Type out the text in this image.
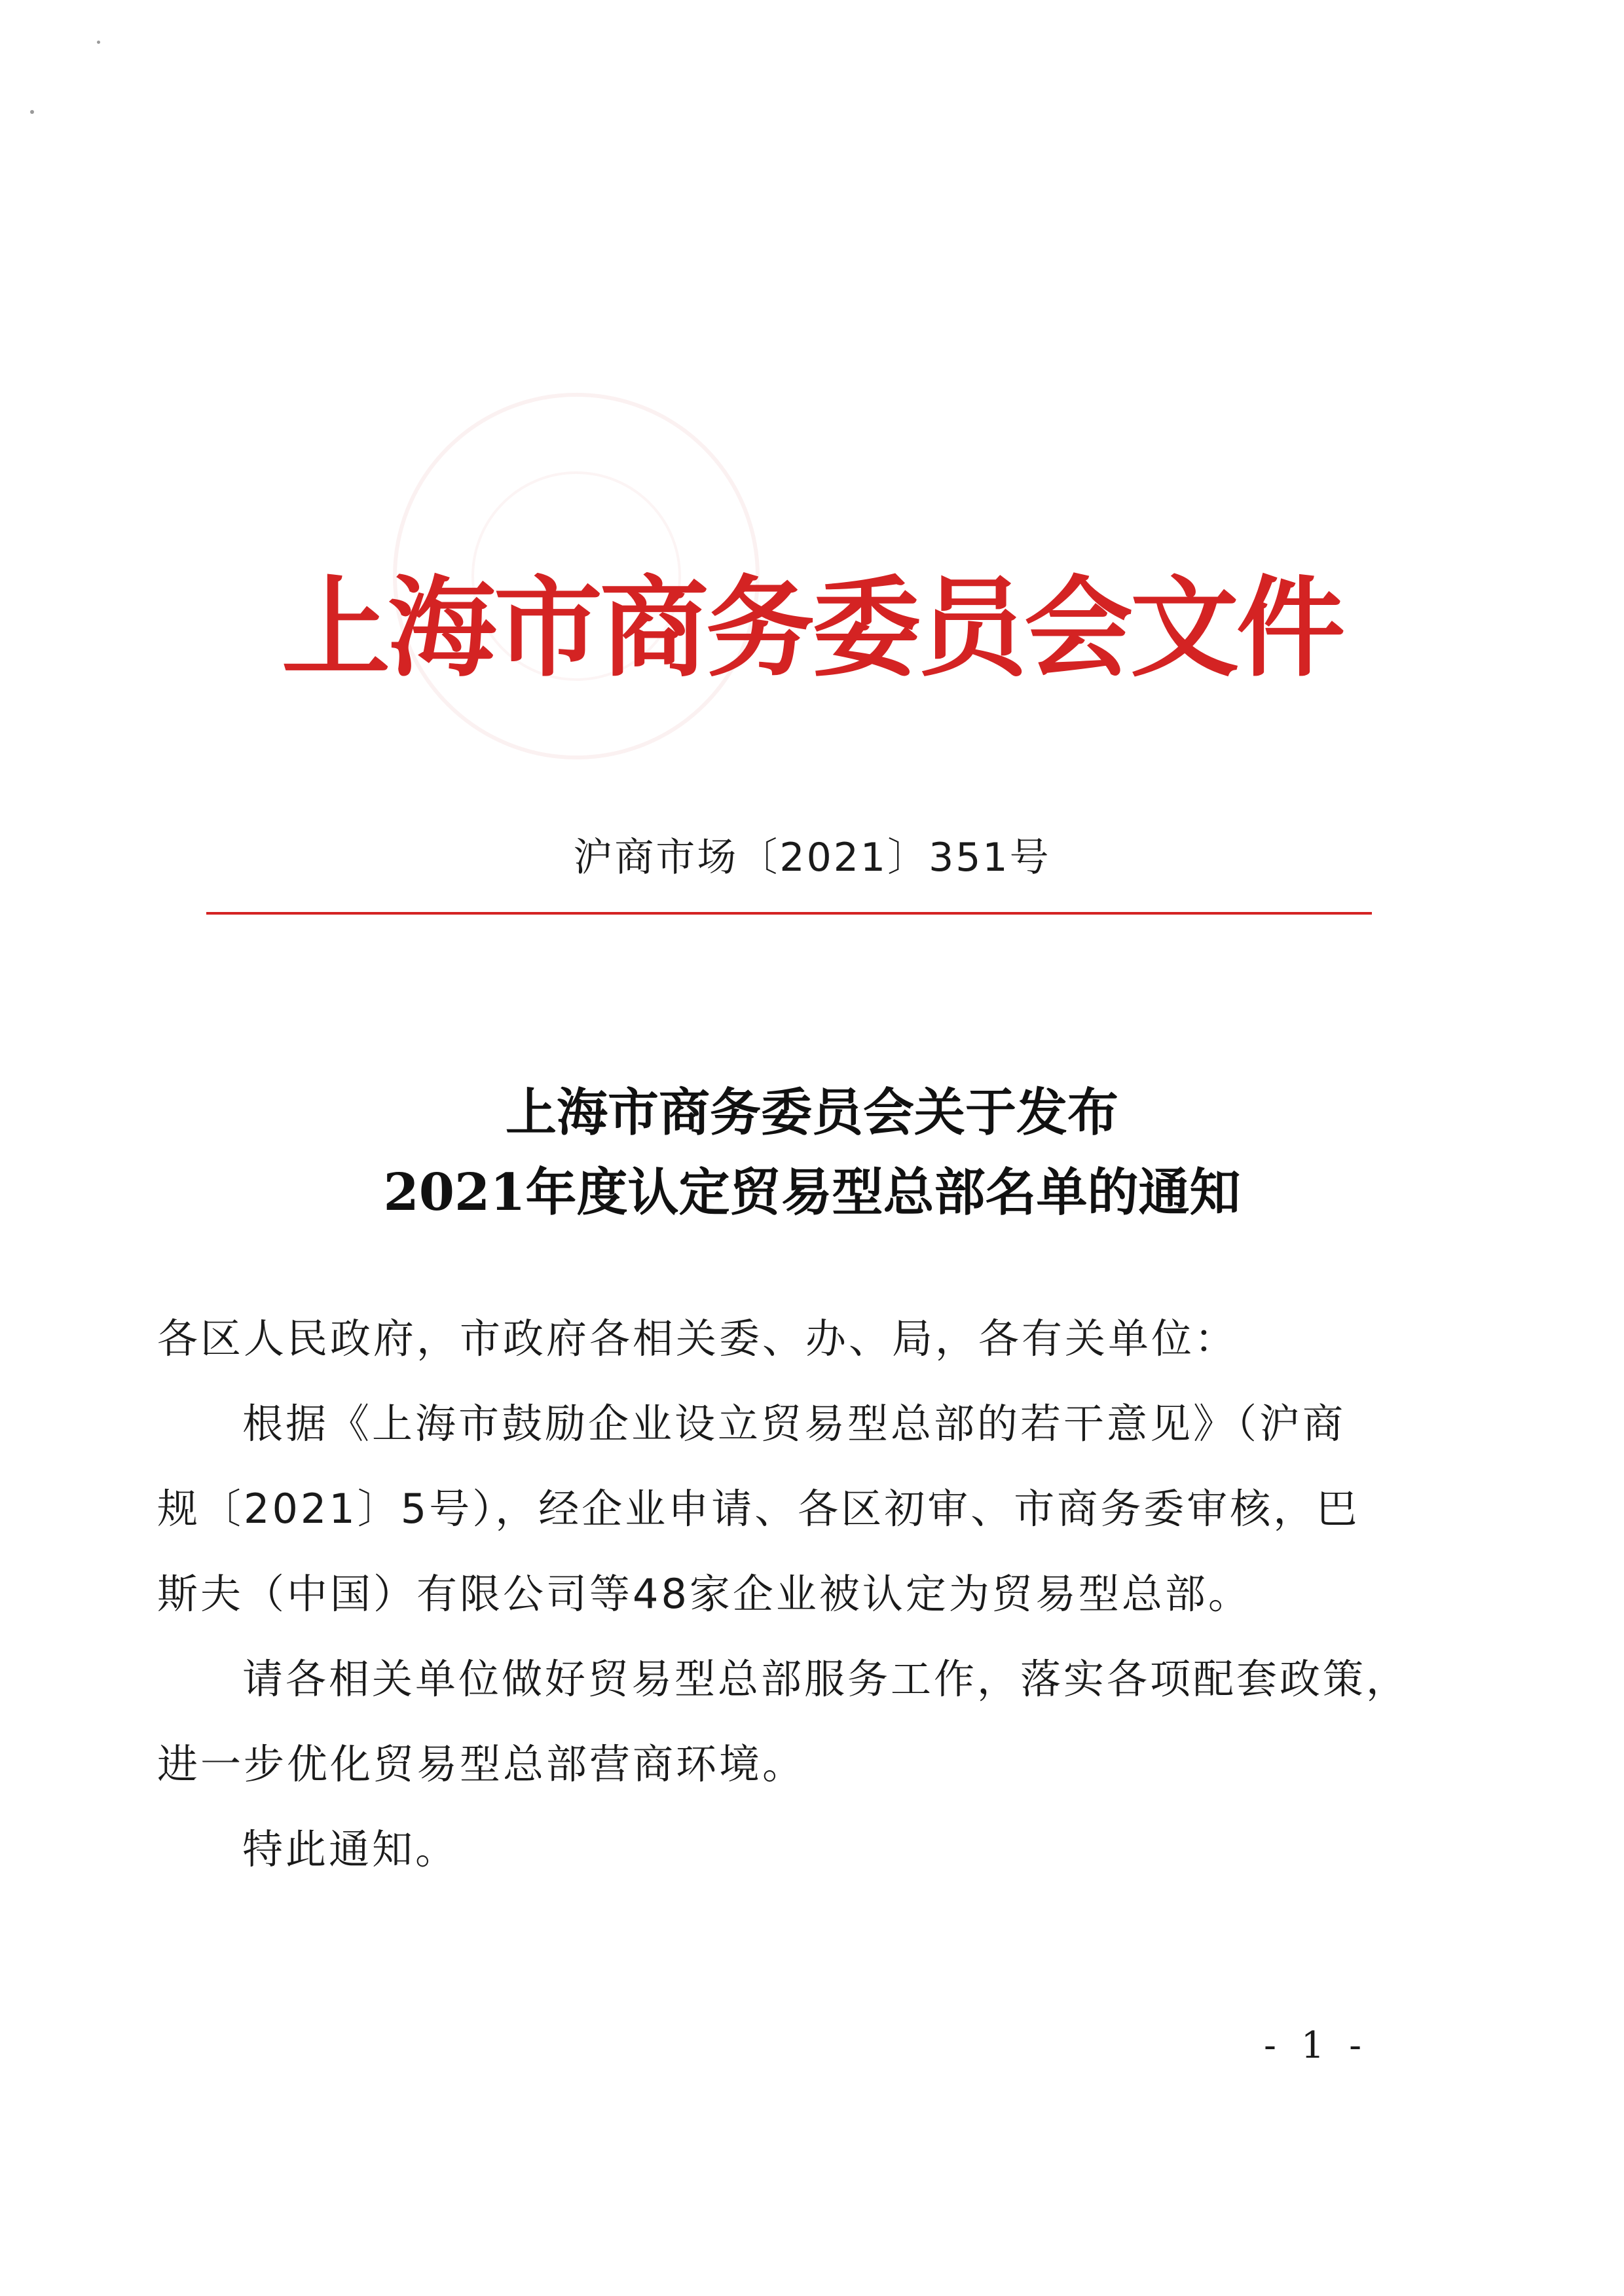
上海市商务委员会文件
沪商市场〔2021〕351号
上海市商务委员会关于发布
2021年度认定贸易型总部名单的通知
各区人民政府，市政府各相关委、办、局，各有关单位：
根据《上海市鼓励企业设立贸易型总部的若干意见》（沪商
规〔2021〕5号），经企业申请、各区初审、市商务委审核，巴
斯夫（中国）有限公司等48家企业被认定为贸易型总部。
请各相关单位做好贸易型总部服务工作，落实各项配套政策，
进一步优化贸易型总部营商环境。
特此通知。
- 1 -
